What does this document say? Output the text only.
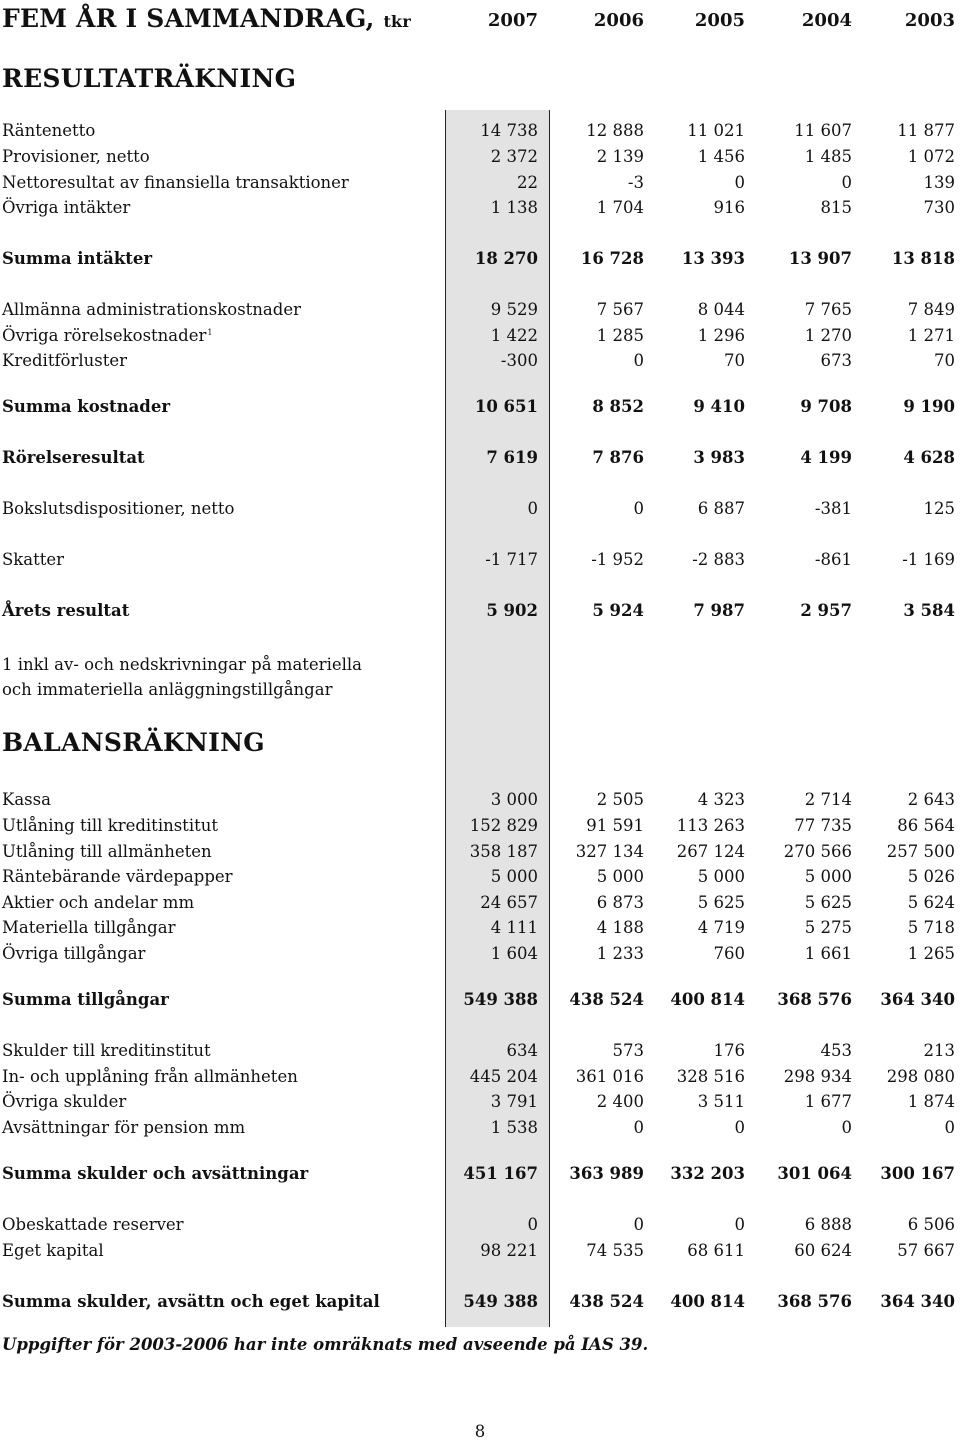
FEM ÅR I SAMMANDRAG, tkr	2007	2006	2005	2004	2003
RESULTATRÄKNING
Räntenetto	14 738	12 888	11 021	11 607	11 877
Provisioner, netto	2 372	2 139	1 456	1 485	1 072
Nettoresultat av finansiella transaktioner	22	-3	0	0	139
Övriga intäkter	1 138	1 704	916	815	730
Summa intäkter	18 270	16 728	13 393	13 907	13 818
Allmänna administrationskostnader	9 529	7 567	8 044	7 765	7 849
Övriga rörelsekostnader$^1$	1 422	1 285	1 296	1 270	1 271
Kreditförluster	-300	0	70	673	70
Summa kostnader	10 651	8 852	9 410	9 708	9 190
Rörelseresultat	7 619	7 876	3 983	4 199	4 628
Bokslutsdispositioner, netto	0	0	6 887	-381	125
Skatter	-1 717	-1 952	-2 883	-861	-1 169
Årets resultat	5 902	5 924	7 987	2 957	3 584
1 inkl av- och nedskrivningar på materiella
och immateriella anläggningstillgångar
BALANSRÄKNING
Kassa	3 000	2 505	4 323	2 714	2 643
Utlåning till kreditinstitut	152 829	91 591	113 263	77 735	86 564
Utlåning till allmänheten	358 187	327 134	267 124	270 566	257 500
Räntebärande värdepapper	5 000	5 000	5 000	5 000	5 026
Aktier och andelar mm	24 657	6 873	5 625	5 625	5 624
Materiella tillgångar	4 111	4 188	4 719	5 275	5 718
Övriga tillgångar	1 604	1 233	760	1 661	1 265
Summa tillgångar	549 388	438 524	400 814	368 576	364 340
Skulder till kreditinstitut	634	573	176	453	213
In- och upplåning från allmänheten	445 204	361 016	328 516	298 934	298 080
Övriga skulder	3 791	2 400	3 511	1 677	1 874
Avsättningar för pension mm	1 538	0	0	0	0
Summa skulder och avsättningar	451 167	363 989	332 203	301 064	300 167
Obeskattade reserver	0	0	0	6 888	6 506
Eget kapital	98 221	74 535	68 611	60 624	57 667
Summa skulder, avsättn och eget kapital	549 388	438 524	400 814	368 576	364 340
Uppgifter för 2003-2006 har inte omräknats med avseende på IAS 39.
8
